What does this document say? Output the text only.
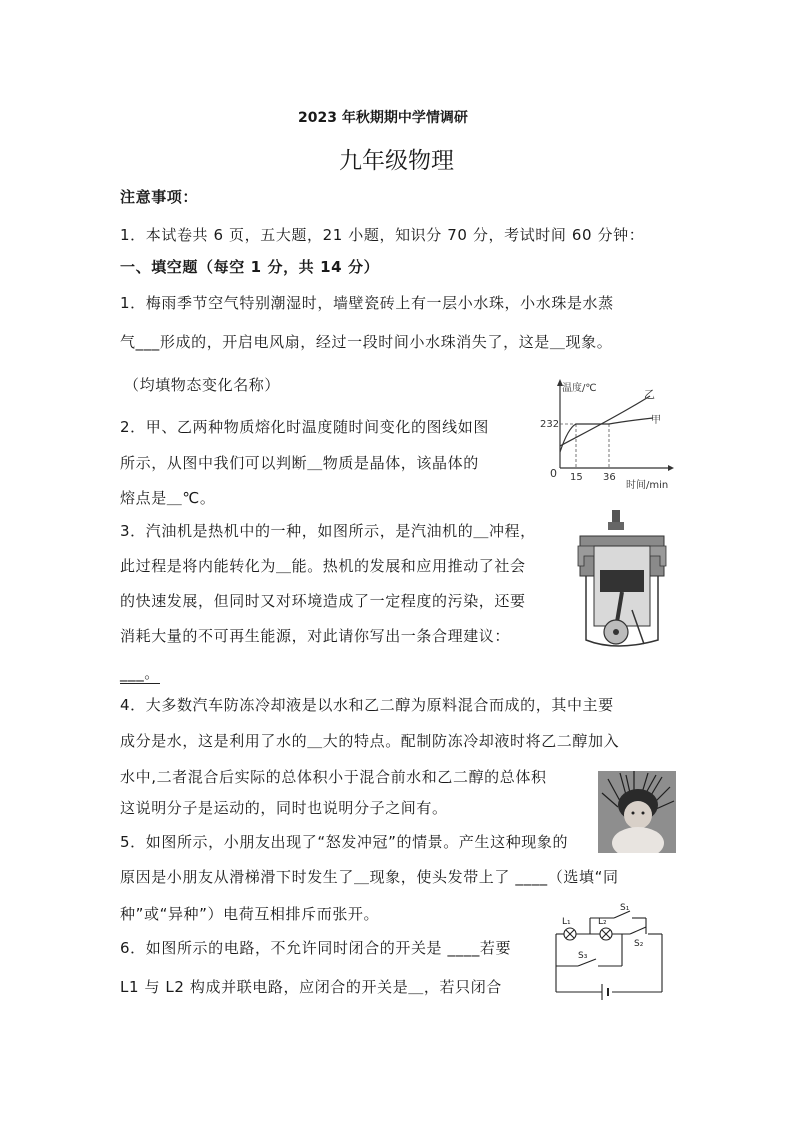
2023 年秋期期中学情调研
九年级物理
注意事项：
1．本试卷共 6 页，五大题，21 小题，知识分 70 分，考试时间 60 分钟：
一、填空题（每空 1 分，共 14 分）
1．梅雨季节空气特别潮湿时，墙壁瓷砖上有一层小水珠，小水珠是水蒸
气___形成的，开启电风扇，经过一段时间小水珠消失了，这是＿现象。
（均填物态变化名称）
2．甲、乙两种物质熔化时温度随时间变化的图线如图
所示，从图中我们可以判断＿物质是晶体，该晶体的
熔点是＿℃。
温度/℃
232
0 15 36
时间/min
乙
甲
3．汽油机是热机中的一种，如图所示，是汽油机的＿冲程，
此过程是将内能转化为＿能。热机的发展和应用推动了社会
的快速发展，但同时又对环境造成了一定程度的污染，还要
消耗大量的不可再生能源，对此请你写出一条合理建议：
___。
4．大多数汽车防冻冷却液是以水和乙二醇为原料混合而成的，其中主要
成分是水，这是利用了水的＿大的特点。配制防冻冷却液时将乙二醇加入
水中,二者混合后实际的总体积小于混合前水和乙二醇的总体积
这说明分子是运动的，同时也说明分子之间有。
5．如图所示，小朋友出现了“怒发冲冠”的情景。产生这种现象的
原因是小朋友从滑梯滑下时发生了＿现象，使头发带上了 ____（选填“同
种”或“异种”）电荷互相排斥而张开。
6．如图所示的电路，不允许同时闭合的开关是 ____若要
L1 与 L2 构成并联电路，应闭合的开关是＿，若只闭合
L₁	L₂
S₁
S₂
S₃
